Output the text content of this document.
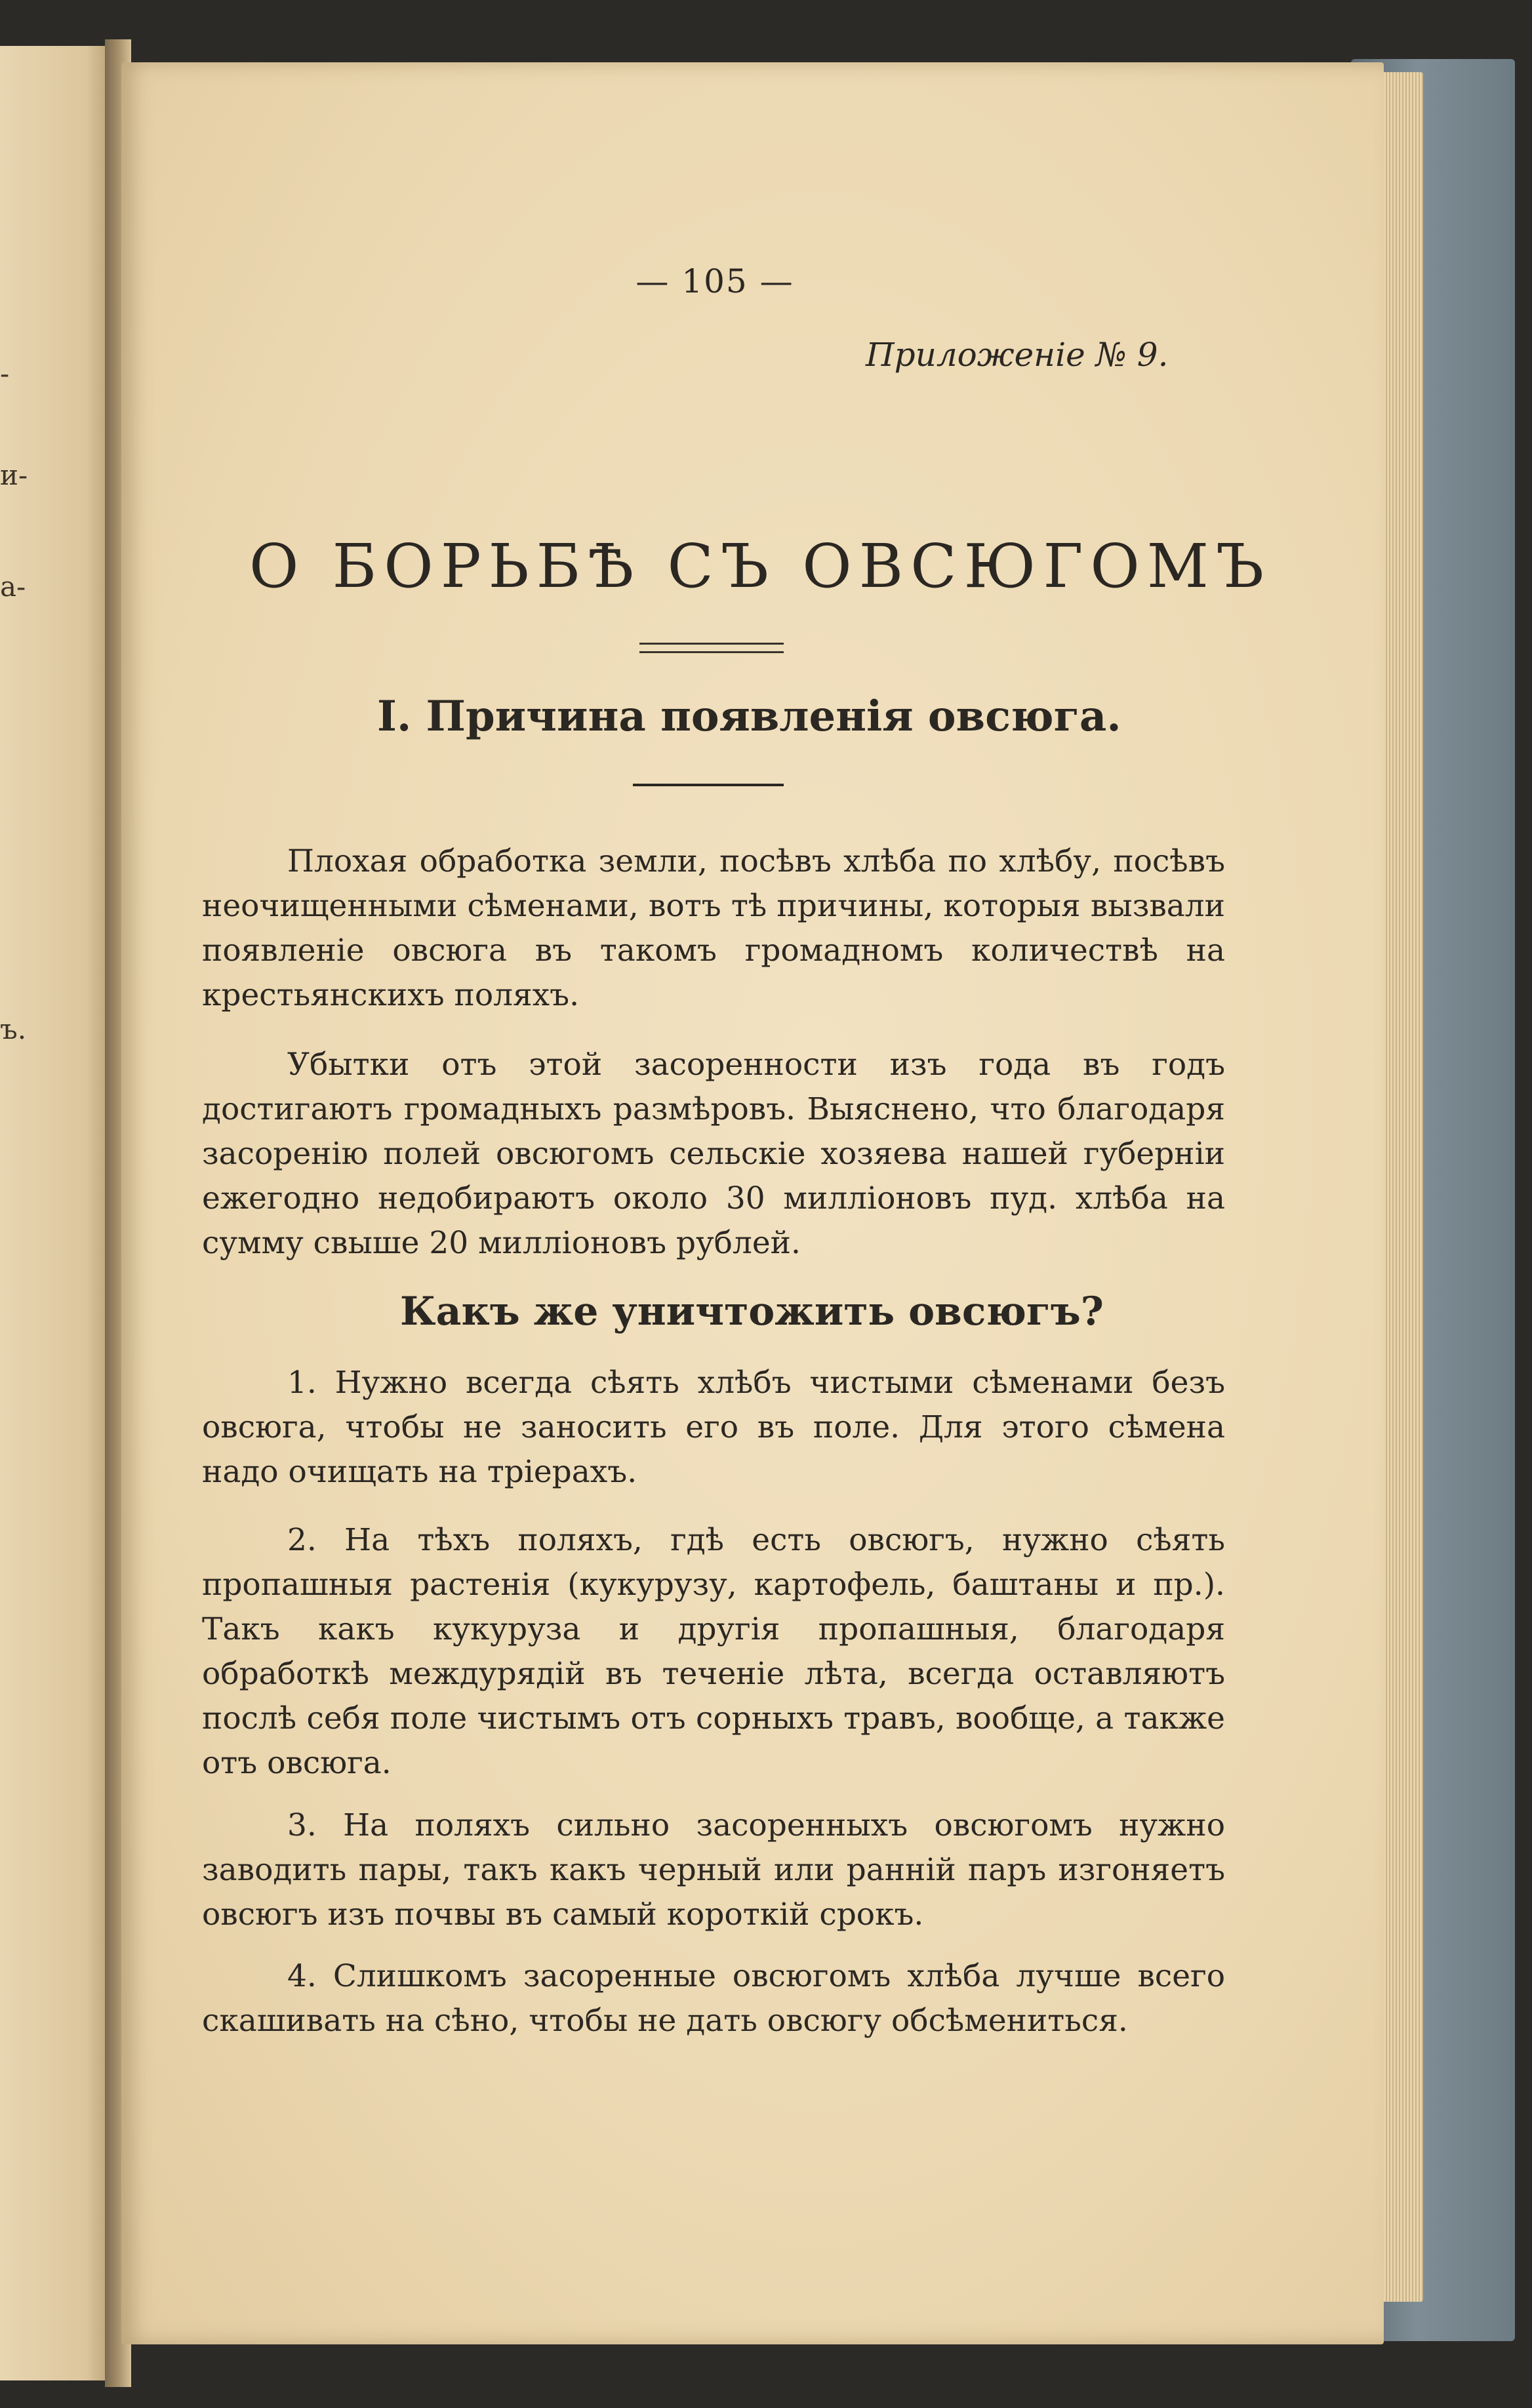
-
и-
а-
ъ.

— 105 —

Приложенie № 9.

О БОРЬБѢ СЪ ОВСЮГОМЪ
I. Причина появленія овсюга.

Плохая обработка земли, посѣвъ хлѣба по хлѣбу, посѣвъ неочищенными сѣменами, вотъ тѣ причины, которыя вызвали появленіе овсюга въ такомъ громадномъ количествѣ на крестьянскихъ поляхъ.

Убытки отъ этой засоренности изъ года въ годъ достигаютъ громадныхъ размѣровъ. Выяснено, что благодаря засоренію полей овсюгомъ сельскіе хозяева нашей губерніи ежегодно недобираютъ около 30 милліоновъ пуд. хлѣба на сумму свыше 20 милліоновъ рублей.

Какъ же уничтожить овсюгъ?

1. Нужно всегда сѣять хлѣбъ чистыми сѣменами безъ овсюга, чтобы не заносить его въ поле. Для этого сѣмена надо очищать на тріерахъ.

2. На тѣхъ поляхъ, гдѣ есть овсюгъ, нужно сѣять пропашныя растенія (кукурузу, картофель, баштаны и пр.). Такъ какъ кукуруза и другія пропашныя, благодаря обработкѣ междурядій въ теченіе лѣта, всегда оставляютъ послѣ себя поле чистымъ отъ сорныхъ травъ, вообще, а также отъ овсюга.

3. На поляхъ сильно засоренныхъ овсюгомъ нужно заводить пары, такъ какъ черный или ранній паръ изгоняетъ овсюгъ изъ почвы въ самый короткій срокъ.

4. Слишкомъ засоренные овсюгомъ хлѣба лучше всего скашивать на сѣно, чтобы не дать овсюгу обсѣмениться.
